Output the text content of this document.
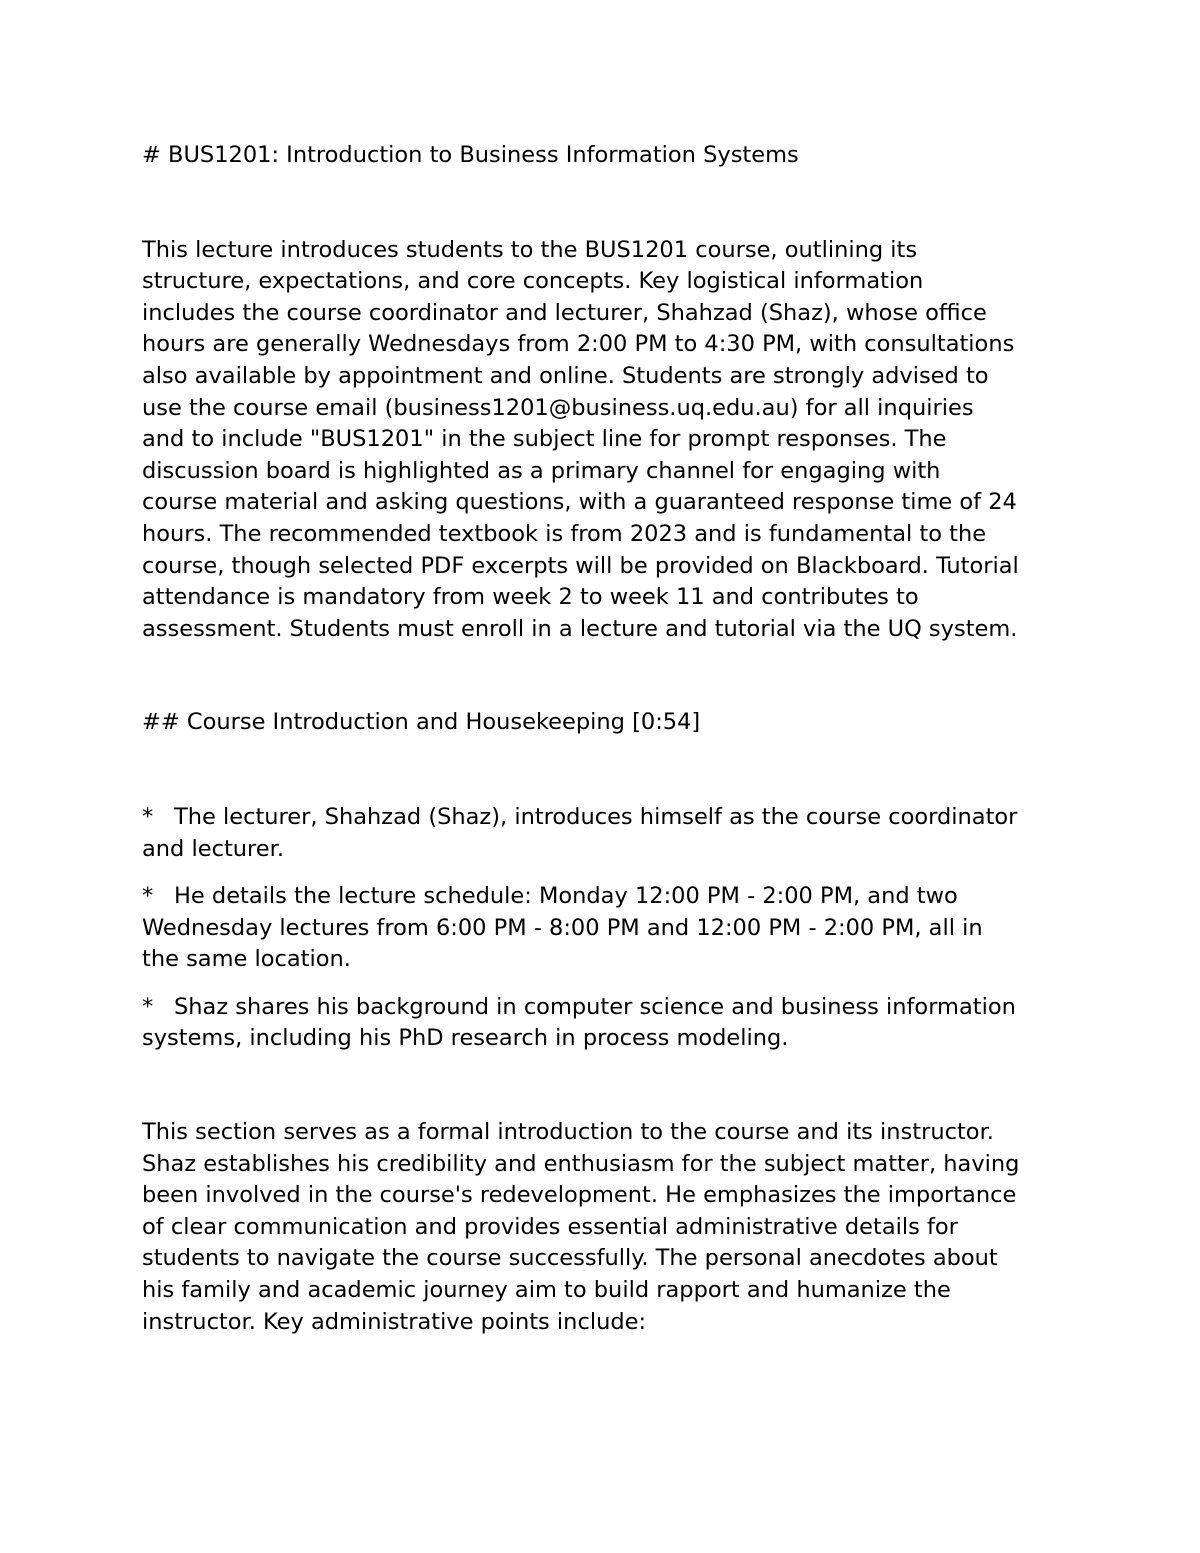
# BUS1201: Introduction to Business Information Systems
This lecture introduces students to the BUS1201 course, outlining its
structure, expectations, and core concepts. Key logistical information
includes the course coordinator and lecturer, Shahzad (Shaz), whose office
hours are generally Wednesdays from 2:00 PM to 4:30 PM, with consultations
also available by appointment and online. Students are strongly advised to
use the course email (business1201@business.uq.edu.au) for all inquiries
and to include "BUS1201" in the subject line for prompt responses. The
discussion board is highlighted as a primary channel for engaging with
course material and asking questions, with a guaranteed response time of 24
hours. The recommended textbook is from 2023 and is fundamental to the
course, though selected PDF excerpts will be provided on Blackboard. Tutorial
attendance is mandatory from week 2 to week 11 and contributes to
assessment. Students must enroll in a lecture and tutorial via the UQ system.
## Course Introduction and Housekeeping [0:54]
* The lecturer, Shahzad (Shaz), introduces himself as the course coordinator
and lecturer.
* He details the lecture schedule: Monday 12:00 PM - 2:00 PM, and two
Wednesday lectures from 6:00 PM - 8:00 PM and 12:00 PM - 2:00 PM, all in
the same location.
* Shaz shares his background in computer science and business information
systems, including his PhD research in process modeling.
This section serves as a formal introduction to the course and its instructor.
Shaz establishes his credibility and enthusiasm for the subject matter, having
been involved in the course's redevelopment. He emphasizes the importance
of clear communication and provides essential administrative details for
students to navigate the course successfully. The personal anecdotes about
his family and academic journey aim to build rapport and humanize the
instructor. Key administrative points include:
